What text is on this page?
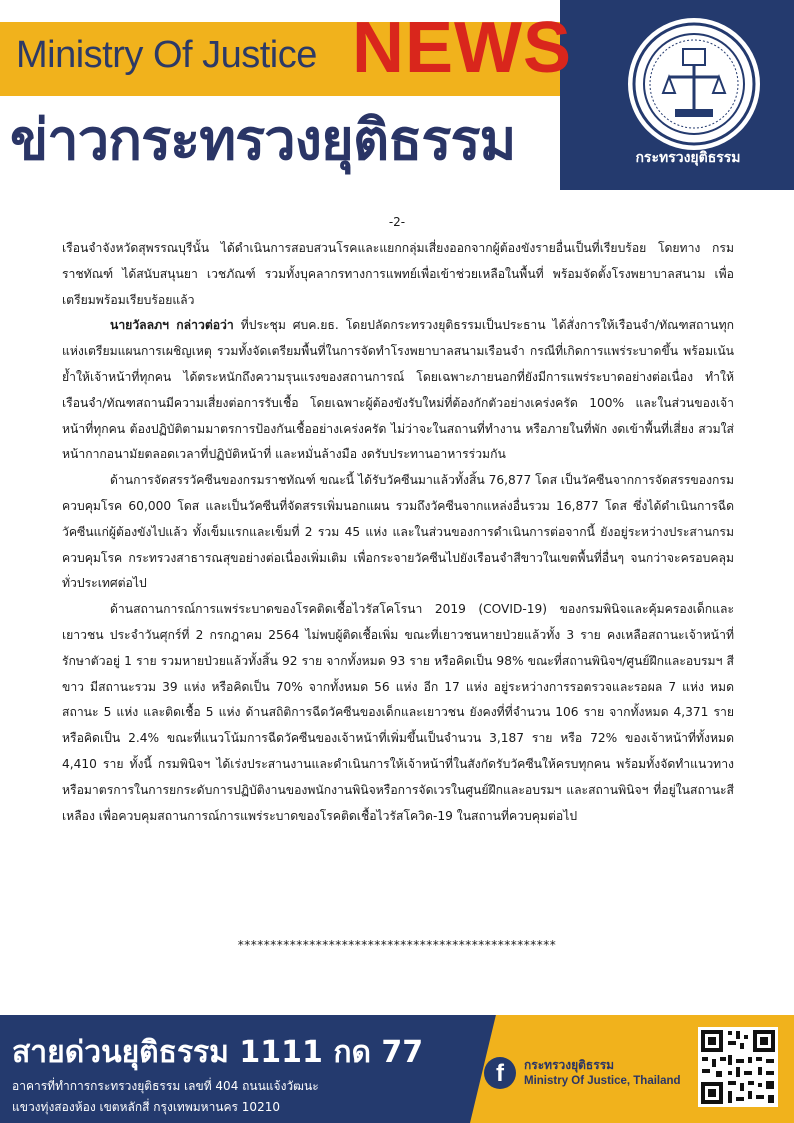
Ministry Of Justice NEWS
ข่าวกระทรวงยุติธรรม	กระทรวงยุติธรรม
-2-

เรือนจำจังหวัดสุพรรณบุรีนั้น ได้ดำเนินการสอบสวนโรคและแยกกลุ่มเสี่ยงออกจากผู้ต้องขังรายอื่นเป็นที่เรียบร้อย โดยทาง กรมราชทัณฑ์ ได้สนับสนุนยา เวชภัณฑ์ รวมทั้งบุคลากรทางการแพทย์เพื่อเข้าช่วยเหลือในพื้นที่ พร้อมจัดตั้งโรงพยาบาลสนาม เพื่อเตรียมพร้อมเรียบร้อยแล้ว

นายวัลลภฯ กล่าวต่อว่า ที่ประชุม ศบค.ยธ. โดยปลัดกระทรวงยุติธรรมเป็นประธาน ได้สั่งการให้เรือนจำ/ทัณฑสถานทุกแห่งเตรียมแผนการเผชิญเหตุ รวมทั้งจัดเตรียมพื้นที่ในการจัดทำโรงพยาบาลสนามเรือนจำ กรณีที่เกิดการแพร่ระบาดขึ้น พร้อมเน้นย้ำให้เจ้าหน้าที่ทุกคน ได้ตระหนักถึงความรุนแรงของสถานการณ์ โดยเฉพาะภายนอกที่ยังมีการแพร่ระบาดอย่างต่อเนื่อง ทำให้เรือนจำ/ทัณฑสถานมีความเสี่ยงต่อการรับเชื้อ โดยเฉพาะผู้ต้องขังรับใหม่ที่ต้องกักตัวอย่างเคร่งครัด 100% และในส่วนของเจ้าหน้าที่ทุกคน ต้องปฏิบัติตามมาตรการป้องกันเชื้ออย่างเคร่งครัด ไม่ว่าจะในสถานที่ทำงาน หรือภายในที่พัก งดเข้าพื้นที่เสี่ยง สวมใส่หน้ากากอนามัยตลอดเวลาที่ปฏิบัติหน้าที่ และหมั่นล้างมือ งดรับประทานอาหารร่วมกัน

ด้านการจัดสรรวัคซีนของกรมราชทัณฑ์ ขณะนี้ ได้รับวัคซีนมาแล้วทั้งสิ้น 76,877 โดส เป็นวัคซีนจากการจัดสรรของกรมควบคุมโรค 60,000 โดส และเป็นวัคซีนที่จัดสรรเพิ่มนอกแผน รวมถึงวัคซีนจากแหล่งอื่นรวม 16,877 โดส ซึ่งได้ดำเนินการฉีดวัคซีนแก่ผู้ต้องขังไปแล้ว ทั้งเข็มแรกและเข็มที่ 2 รวม 45 แห่ง และในส่วนของการดำเนินการต่อจากนี้ ยังอยู่ระหว่างประสานกรมควบคุมโรค กระทรวงสาธารณสุขอย่างต่อเนื่องเพิ่มเติม เพื่อกระจายวัคซีนไปยังเรือนจำสีขาวในเขตพื้นที่อื่นๆ จนกว่าจะครอบคลุมทั่วประเทศต่อไป

ด้านสถานการณ์การแพร่ระบาดของโรคติดเชื้อไวรัสโคโรนา 2019 (COVID-19) ของกรมพินิจและคุ้มครองเด็กและเยาวชน ประจำวันศุกร์ที่ 2 กรกฎาคม 2564 ไม่พบผู้ติดเชื้อเพิ่ม ขณะที่เยาวชนหายป่วยแล้วทั้ง 3 ราย คงเหลือสถานะเจ้าหน้าที่รักษาตัวอยู่ 1 ราย รวมหายป่วยแล้วทั้งสิ้น 92 ราย จากทั้งหมด 93 ราย หรือคิดเป็น 98% ขณะที่สถานพินิจฯ/ศูนย์ฝึกและอบรมฯ สีขาว มีสถานะรวม 39 แห่ง หรือคิดเป็น 70% จากทั้งหมด 56 แห่ง อีก 17 แห่ง อยู่ระหว่างการรอตรวจและรอผล 7 แห่ง หมดสถานะ 5 แห่ง และติดเชื้อ 5 แห่ง ด้านสถิติการฉีดวัคซีนของเด็กและเยาวชน ยังคงที่ที่จำนวน 106 ราย จากทั้งหมด 4,371 ราย หรือคิดเป็น 2.4% ขณะที่แนวโน้มการฉีดวัคซีนของเจ้าหน้าที่เพิ่มขึ้นเป็นจำนวน 3,187 ราย หรือ 72% ของเจ้าหน้าที่ทั้งหมด 4,410 ราย ทั้งนี้ กรมพินิจฯ ได้เร่งประสานงานและดำเนินการให้เจ้าหน้าที่ในสังกัดรับวัคซีนให้ครบทุกคน พร้อมทั้งจัดทำแนวทางหรือมาตรการในการยกระดับการปฏิบัติงานของพนักงานพินิจหรือการจัดเวรในศูนย์ฝึกและอบรมฯ และสถานพินิจฯ ที่อยู่ในสถานะสีเหลือง เพื่อควบคุมสถานการณ์การแพร่ระบาดของโรคติดเชื้อไวรัสโควิด-19 ในสถานที่ควบคุมต่อไป

*************************************************
สายด่วนยุติธรรม 1111 กด 77
อาคารที่ทำการกระทรวงยุติธรรม เลขที่ 404 ถนนแจ้งวัฒนะ
แขวงทุ่งสองห้อง เขตหลักสี่ กรุงเทพมหานคร 10210
f	กระทรวงยุติธรรม
Ministry Of Justice, Thailand
